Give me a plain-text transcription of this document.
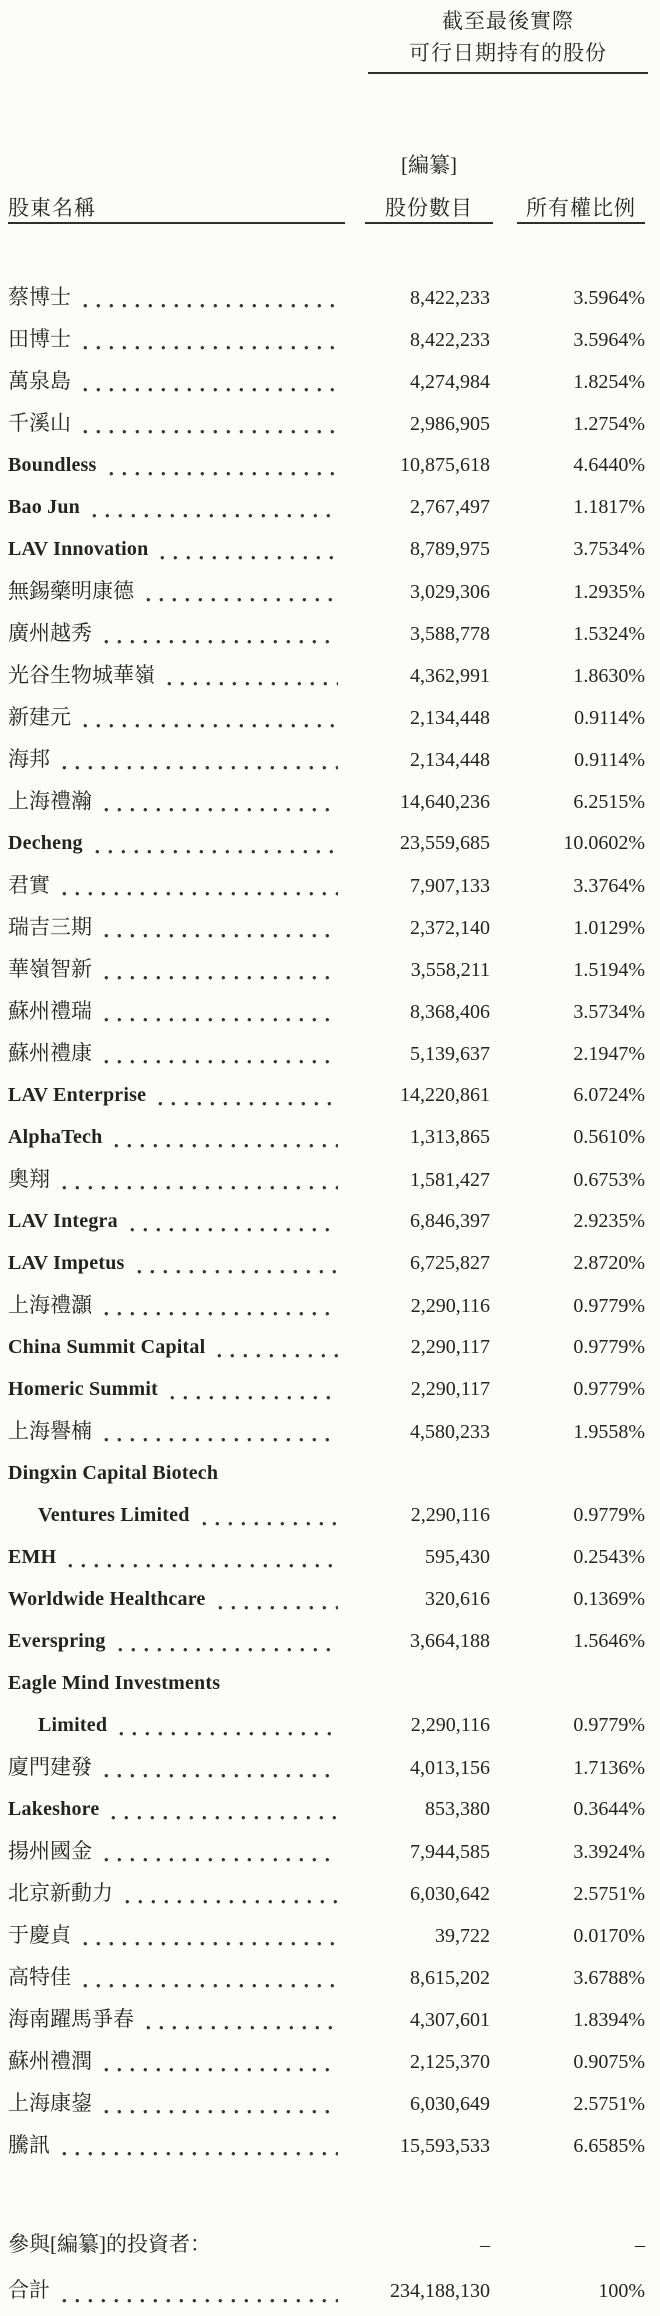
截至最後實際
可行日期持有的股份
股東名稱
[編纂]
股份數目	所有權比例
蔡博士	8,422,233	3.5964%
田博士	8,422,233	3.5964%
萬泉島	4,274,984	1.8254%
千溪山	2,986,905	1.2754%
Boundless	10,875,618	4.6440%
Bao Jun	2,767,497	1.1817%
LAV Innovation	8,789,975	3.7534%
無錫藥明康德	3,029,306	1.2935%
廣州越秀	3,588,778	1.5324%
光谷生物城華嶺	4,362,991	1.8630%
新建元	2,134,448	0.9114%
海邦	2,134,448	0.9114%
上海禮瀚	14,640,236	6.2515%
Decheng	23,559,685	10.0602%
君實	7,907,133	3.3764%
瑞吉三期	2,372,140	1.0129%
華嶺智新	3,558,211	1.5194%
蘇州禮瑞	8,368,406	3.5734%
蘇州禮康	5,139,637	2.1947%
LAV Enterprise	14,220,861	6.0724%
AlphaTech	1,313,865	0.5610%
奧翔	1,581,427	0.6753%
LAV Integra	6,846,397	2.9235%
LAV Impetus	6,725,827	2.8720%
上海禮灝	2,290,116	0.9779%
China Summit Capital	2,290,117	0.9779%
Homeric Summit	2,290,117	0.9779%
上海譽楠	4,580,233	1.9558%
Dingxin Capital Biotech
Ventures Limited	2,290,116	0.9779%
EMH	595,430	0.2543%
Worldwide Healthcare	320,616	0.1369%
Everspring	3,664,188	1.5646%
Eagle Mind Investments
Limited	2,290,116	0.9779%
廈門建發	4,013,156	1.7136%
Lakeshore	853,380	0.3644%
揚州國金	7,944,585	3.3924%
北京新動力	6,030,642	2.5751%
于慶貞	39,722	0.0170%
高特佳	8,615,202	3.6788%
海南躍馬爭春	4,307,601	1.8394%
蘇州禮潤	2,125,370	0.9075%
上海康鋆	6,030,649	2.5751%
騰訊	15,593,533	6.6585%
參與[編纂]的投資者：	–	–
合計	234,188,130	100%
